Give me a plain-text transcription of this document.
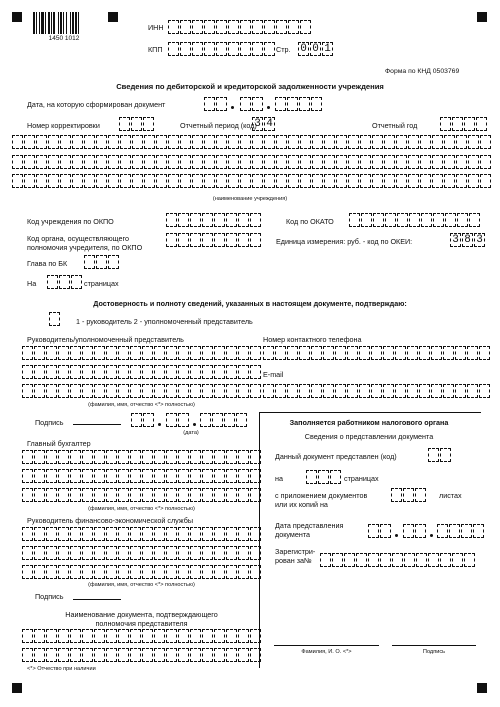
1450 1012
ИНН
КПП	Стр. 0 0 1
Форма по КНД 0503769
Сведения по дебиторской и кредиторской задолженности учреждения
Дата, на которую сформирован документ
Номер корректировки	Отчетный период (код)
3 4	Отчетный год
(наименование учреждения)
Код учреждения по ОКПО	Код по ОКАТО
Код органа, осуществляющего
полномочия учредителя, по ОКПО
Единица измерения: руб. - код по ОКЕИ:	3 8 3
Глава по БК
На	страницах
Достоверность и полноту сведений, указанных в настоящем документе, подтверждаю:
1 - руководитель 2 - уполномоченный представитель
Руководитель/уполномоченный представитель
(фамилия, имя, отчество <*> полностью)
Номер контактного телефона
E-mail
Подпись
(дата)
Главный бухгалтер
(фамилия, имя, отчество <*> полностью)
Руководитель финансово-экономической службы
(фамилия, имя, отчество <*> полностью)
Подпись
Наименование документа, подтверждающего
полномочия представителя
<*> Отчество при наличии
Заполняется работником налогового органа
Сведения о представлении документа
Данный документ представлен (код)
на	страницах
с приложением документов
или их копий на
листах
Дата представления
документа
Зарегистри-
рован за№
Фамилия, И. О. <*>	Подпись
